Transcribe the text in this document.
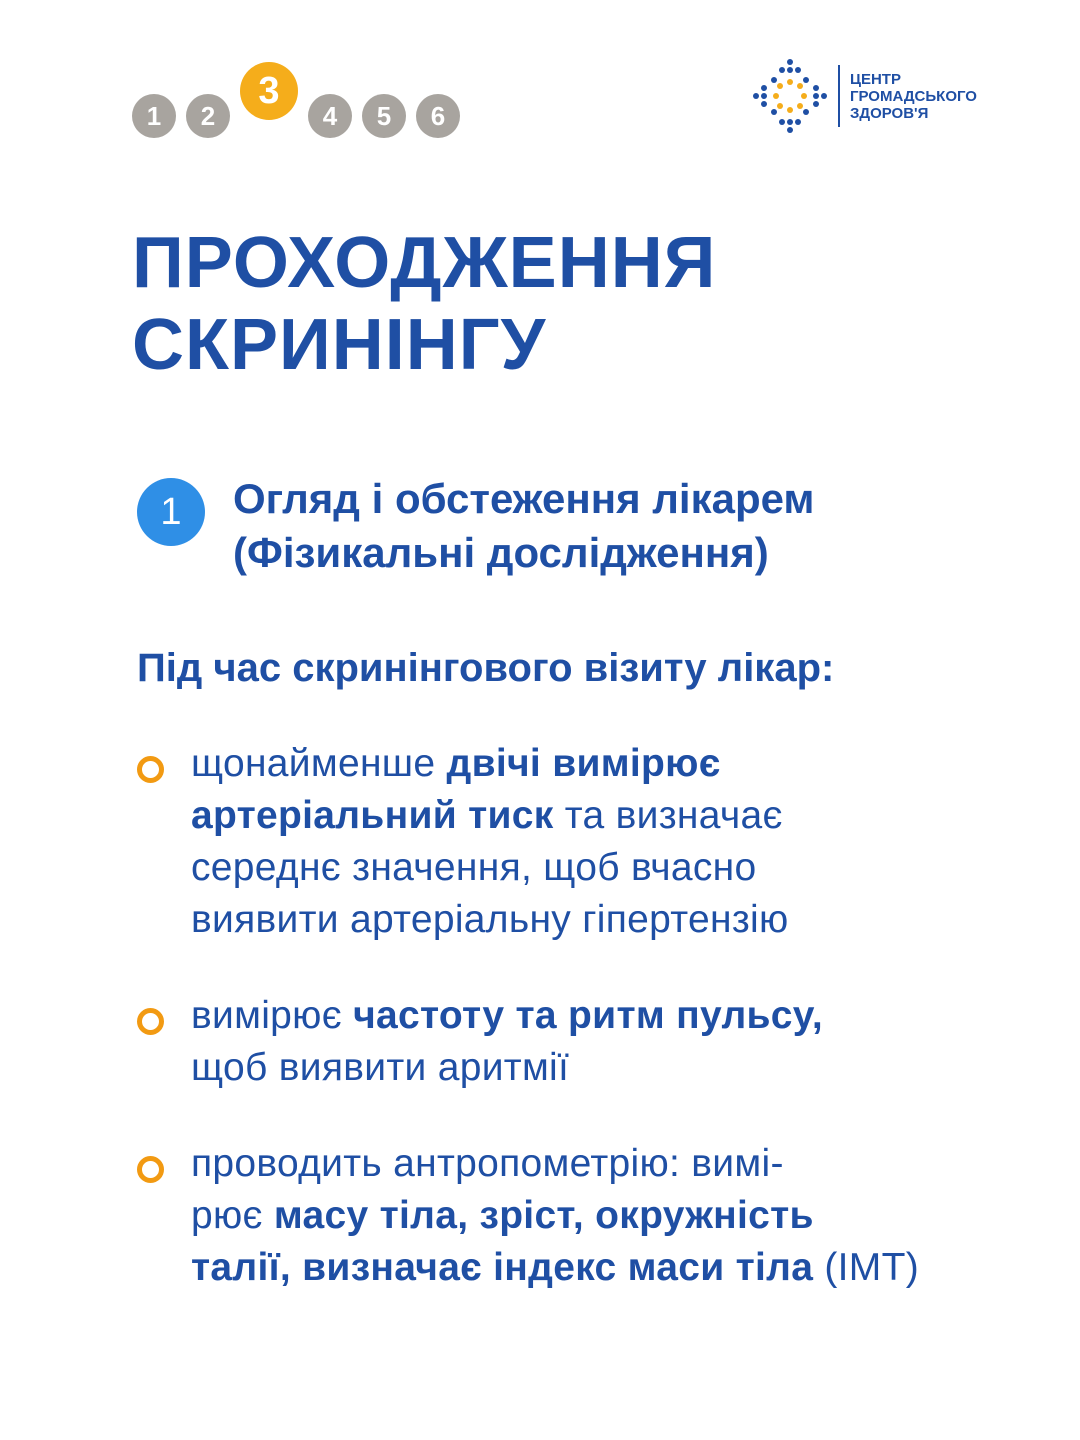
1	2
3
4	5	6
ЦЕНТР
ГРОМАДСЬКОГО
ЗДОРОВ'Я
ПРОХОДЖЕННЯ
СКРИНІНГУ
1	Огляд і обстеження лікарем
(Фізикальні дослідження)
Під час скринінгового візиту лікар:
щонайменше двічі вимірює
артеріальний тиск та визначає
середнє значення, щоб вчасно
виявити артеріальну гіпертензію
вимірює частоту та ритм пульсу,
щоб виявити аритмії
проводить антропометрію: вимі-
рює масу тіла, зріст, окружність
талії, визначає індекс маси тіла (ІМТ)
